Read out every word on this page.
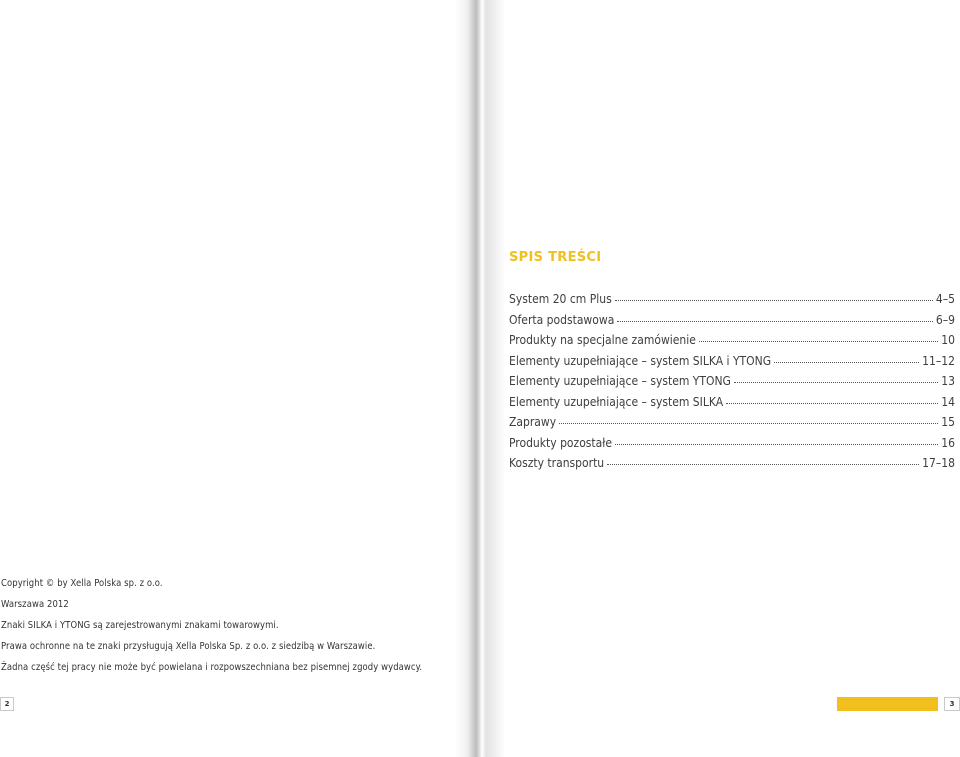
SPIS TREŚCI
System 20 cm Plus	4–5
Oferta podstawowa	6–9
Produkty na specjalne zamówienie	10
Elementy uzupełniające – system SILKA i YTONG	11–12
Elementy uzupełniające – system YTONG	13
Elementy uzupełniające – system SILKA	14
Zaprawy	15
Produkty pozostałe	16
Koszty transportu	17–18

Copyright © by Xella Polska sp. z o.o.

Warszawa 2012

Znaki SILKA i YTONG są zarejestrowanymi znakami towarowymi.

Prawa ochronne na te znaki przysługują Xella Polska Sp. z o.o. z siedzibą w Warszawie.

Żadna część tej pracy nie może być powielana i rozpowszechniana bez pisemnej zgody wydawcy.

2	3
